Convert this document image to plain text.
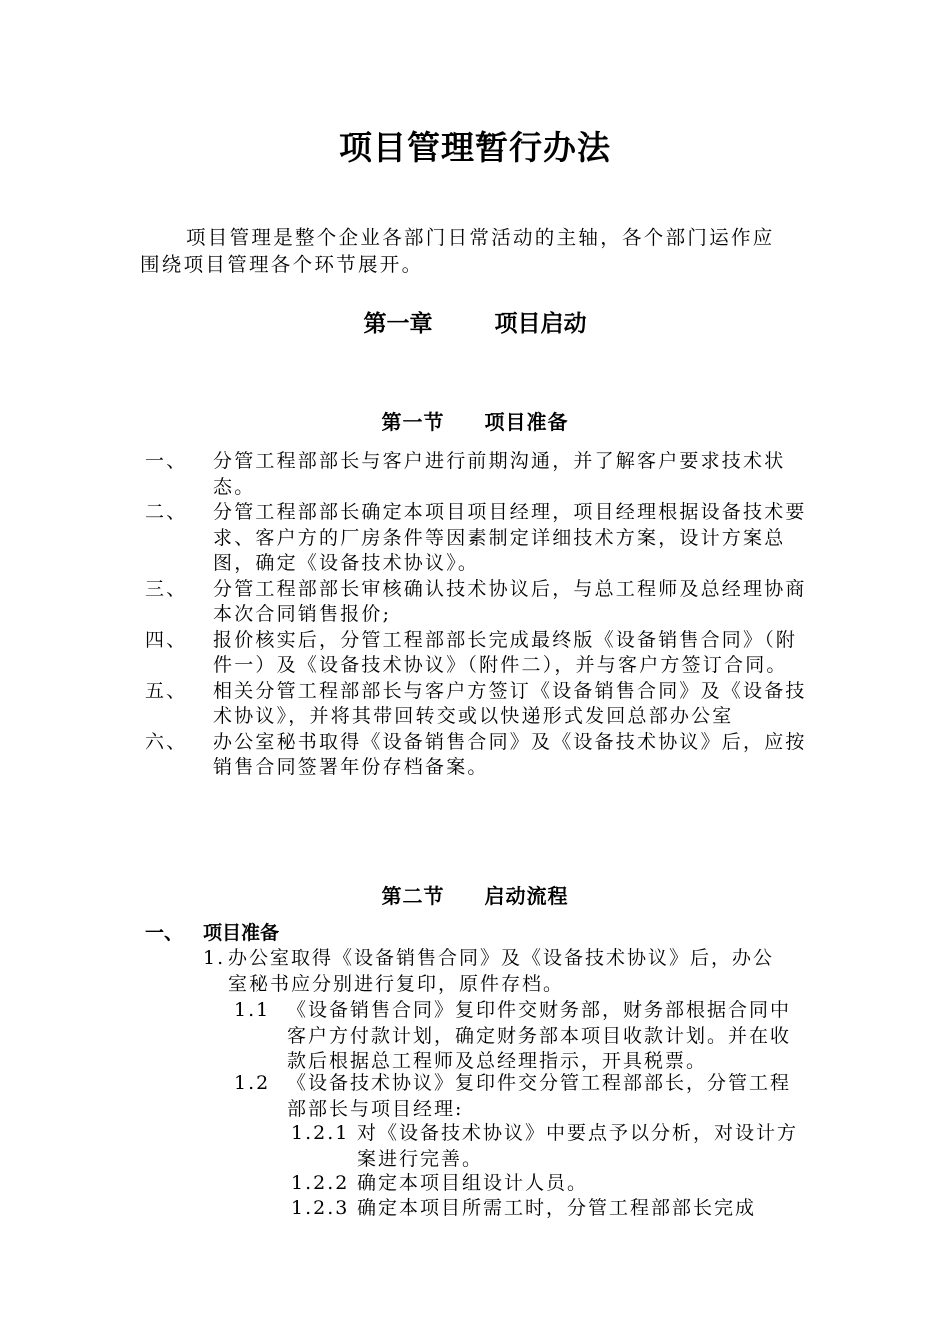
项目管理暂行办法
项目管理是整个企业各部门日常活动的主轴，各个部门运作应
围绕项目管理各个环节展开。
第一章	项目启动
第一节 项目准备
一、 分管工程部部长与客户进行前期沟通，并了解客户要求技术状态。
二、 分管工程部部长确定本项目项目经理，项目经理根据设备技术要求、客户方的厂房条件等因素制定详细技术方案，设计方案总图，确定《设备技术协议》。
三、 分管工程部部长审核确认技术协议后，与总工程师及总经理协商本次合同销售报价;
四、 报价核实后，分管工程部部长完成最终版《设备销售合同》（附件一）及《设备技术协议》（附件二），并与客户方签订合同。
五、 相关分管工程部部长与客户方签订《设备销售合同》及《设备技术协议》，并将其带回转交或以快递形式发回总部办公室
六、 办公室秘书取得《设备销售合同》及《设备技术协议》后，应按销售合同签署年份存档备案。
第二节 启动流程
一、 项目准备
1. 办公室取得《设备销售合同》及《设备技术协议》后，办公室秘书应分别进行复印，原件存档。
1.1 《设备销售合同》复印件交财务部，财务部根据合同中客户方付款计划，确定财务部本项目收款计划。并在收款后根据总工程师及总经理指示，开具税票。
1.2 《设备技术协议》复印件交分管工程部部长，分管工程部部长与项目经理:
1.2.1 对《设备技术协议》中要点予以分析，对设计方案进行完善。
1.2.2 确定本项目组设计人员。
1.2.3 确定本项目所需工时，分管工程部部长完成
